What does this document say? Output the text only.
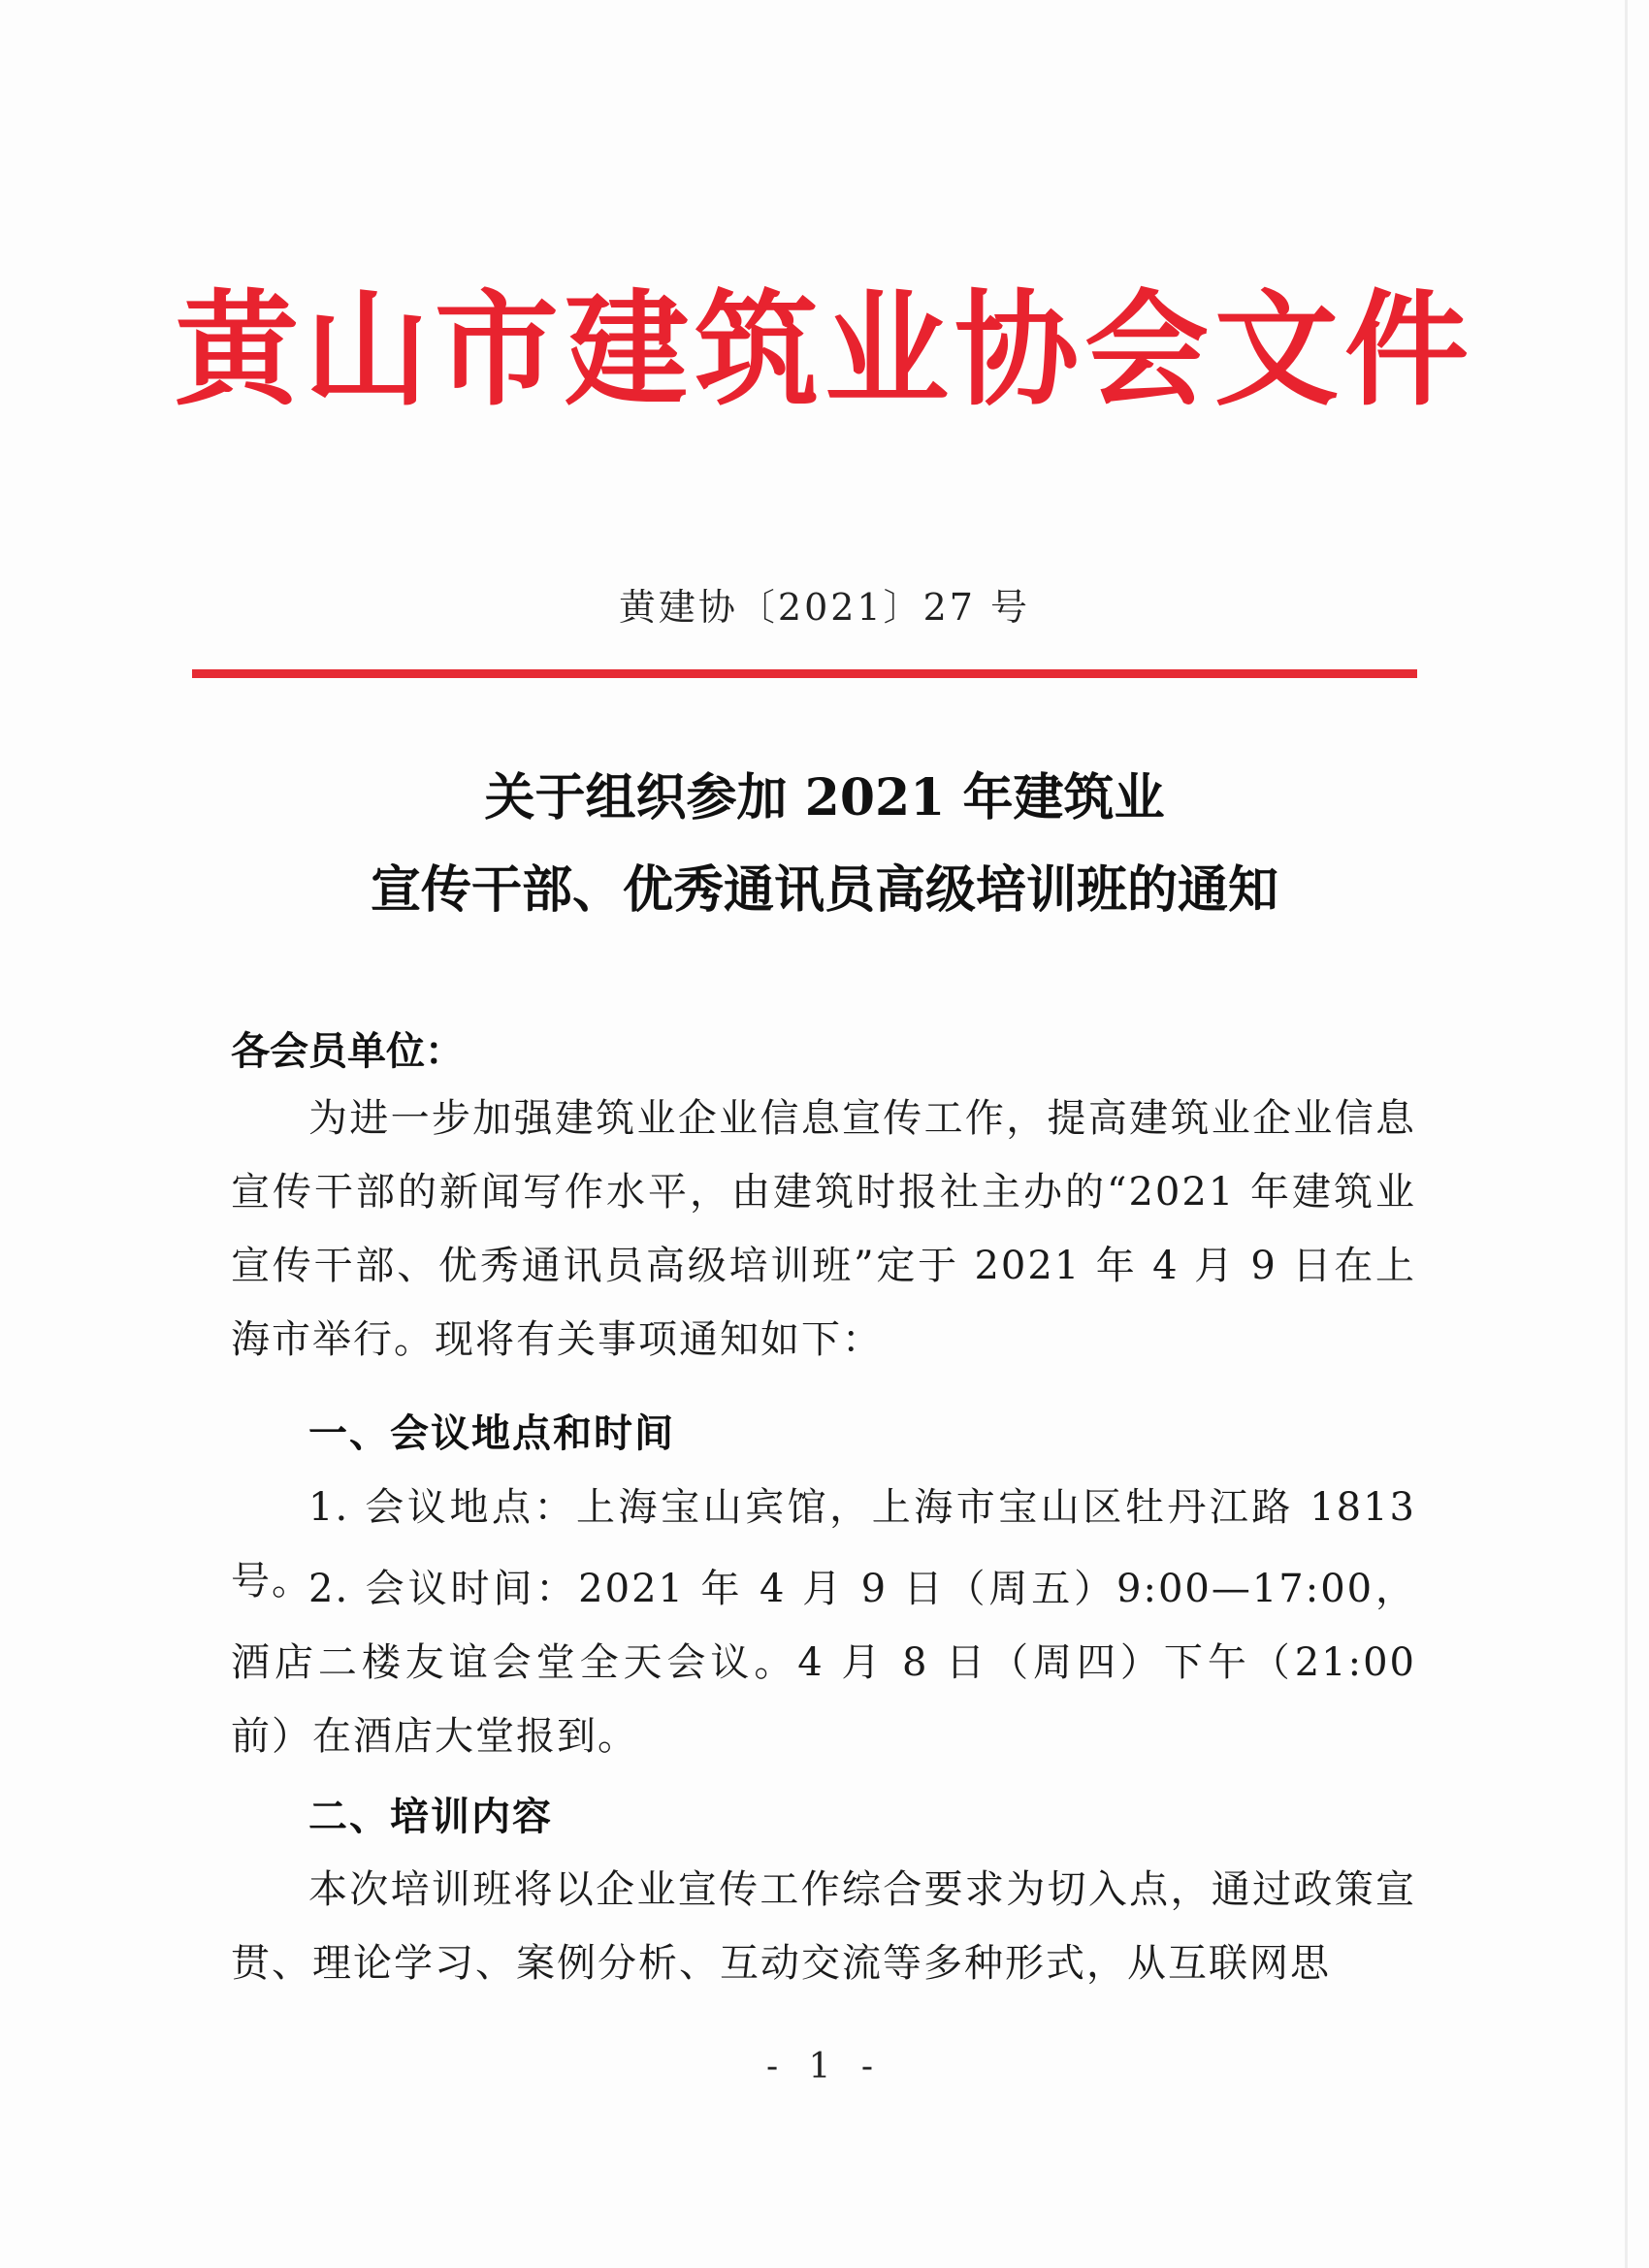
黄山市建筑业协会文件
黄建协〔2021〕27 号
关于组织参加 2021 年建筑业
宣传干部、优秀通讯员高级培训班的通知
各会员单位：

为进一步加强建筑业企业信息宣传工作，提高建筑业企业信息宣传干部的新闻写作水平，由建筑时报社主办的“2021 年建筑业宣传干部、优秀通讯员高级培训班”定于 2021 年 4 月 9 日在上海市举行。现将有关事项通知如下：

一、会议地点和时间

1. 会议地点：上海宝山宾馆，上海市宝山区牡丹江路 1813 号。

2. 会议时间：2021 年 4 月 9 日（周五）9:00—17:00，酒店二楼友谊会堂全天会议。4 月 8 日（周四）下午（21:00 前）在酒店大堂报到。

二、培训内容

本次培训班将以企业宣传工作综合要求为切入点，通过政策宣贯、理论学习、案例分析、互动交流等多种形式，从互联网思

- 1 -
